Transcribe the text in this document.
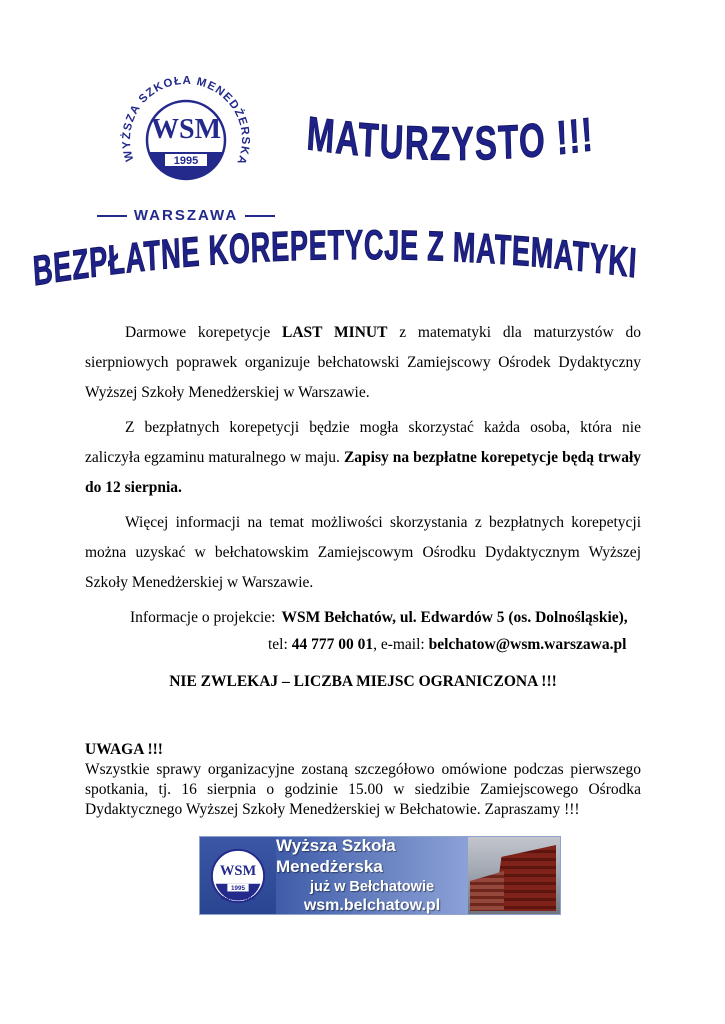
WYŻSZA SZKOŁA MENEDŻERSKA
WSM
1995
WARSZAWA
MATURZYSTO !!!
BEZPŁATNE KOREPETYCJE Z MATEMATYKI

Darmowe korepetycje LAST MINUT z matematyki dla maturzystów do sierpniowych poprawek organizuje bełchatowski Zamiejscowy Ośrodek Dydaktyczny Wyższej Szkoły Menedżerskiej w Warszawie.

Z bezpłatnych korepetycji będzie mogła skorzystać każda osoba, która nie zaliczyła egzaminu maturalnego w maju. Zapisy na bezpłatne korepetycje będą trwały do 12 sierpnia.

Więcej informacji na temat możliwości skorzystania z bezpłatnych korepetycji można uzyskać w bełchatowskim Zamiejscowym Ośrodku Dydaktycznym Wyższej Szkoły Menedżerskiej w Warszawie.

Informacje o projekcie: WSM Bełchatów, ul. Edwardów 5 (os. Dolnośląskie),

tel: 44 777 00 01, e-mail: belchatow@wsm.warszawa.pl

NIE ZWLEKAJ – LICZBA MIEJSC OGRANICZONA !!!

UWAGA !!!
Wszystkie sprawy organizacyjne zostaną szczegółowo omówione podczas pierwszego spotkania, tj. 16 sierpnia o godzinie 15.00 w siedzibie Zamiejscowego Ośrodka Dydaktycznego Wyższej Szkoły Menedżerskiej w Bełchatowie. Zapraszamy !!!

WSM
1995
WARSZAWA
Wyższa Szkoła Menedżerska
już w Bełchatowie
wsm.belchatow.pl
